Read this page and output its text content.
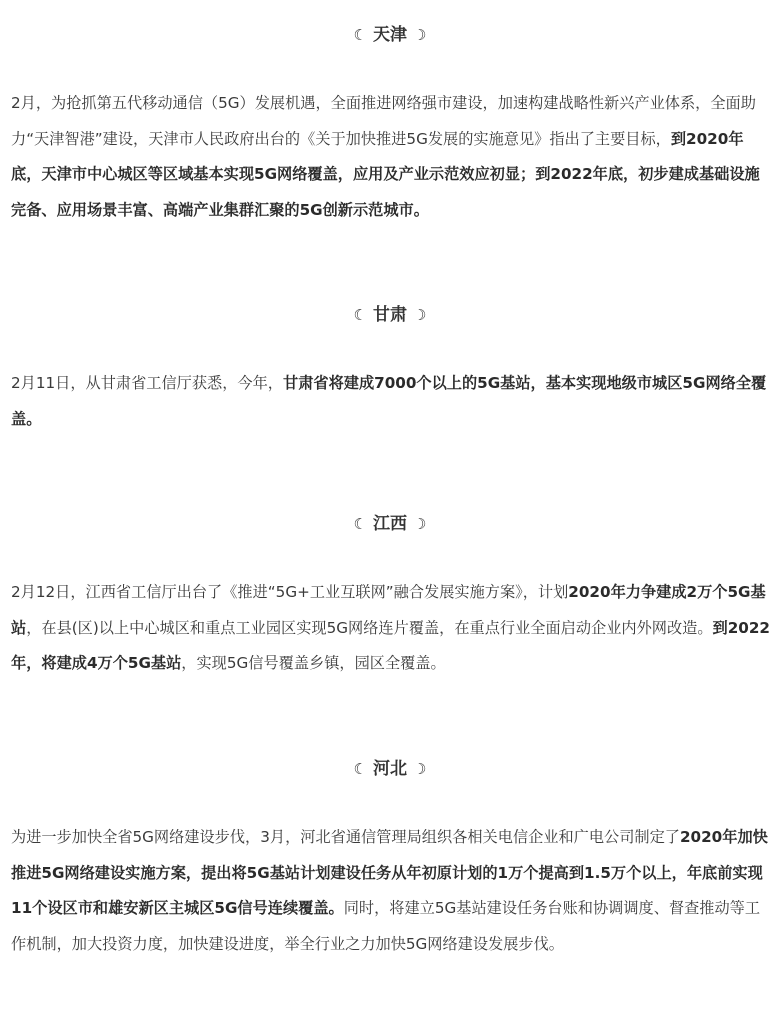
☾ 天津 ☽

2月，为抢抓第五代移动通信（5G）发展机遇，全面推进网络强市建设，加速构建战略性新兴产业体系，全面助力“天津智港”建设，天津市人民政府出台的《关于加快推进5G发展的实施意见》指出了主要目标，到2020年底，天津市中心城区等区域基本实现5G网络覆盖，应用及产业示范效应初显；到2022年底，初步建成基础设施完备、应用场景丰富、高端产业集群汇聚的5G创新示范城市。

☾ 甘肃 ☽

2月11日，从甘肃省工信厅获悉，今年，甘肃省将建成7000个以上的5G基站，基本实现地级市城区5G网络全覆盖。

☾ 江西 ☽

2月12日，江西省工信厅出台了《推进“5G+工业互联网”融合发展实施方案》，计划2020年力争建成2万个5G基站，在县(区)以上中心城区和重点工业园区实现5G网络连片覆盖，在重点行业全面启动企业内外网改造。到2022年，将建成4万个5G基站，实现5G信号覆盖乡镇，园区全覆盖。

☾ 河北 ☽

为进一步加快全省5G网络建设步伐，3月，河北省通信管理局组织各相关电信企业和广电公司制定了2020年加快推进5G网络建设实施方案，提出将5G基站计划建设任务从年初原计划的1万个提高到1.5万个以上，年底前实现11个设区市和雄安新区主城区5G信号连续覆盖。同时，将建立5G基站建设任务台账和协调调度、督查推动等工作机制，加大投资力度，加快建设进度，举全行业之力加快5G网络建设发展步伐。
